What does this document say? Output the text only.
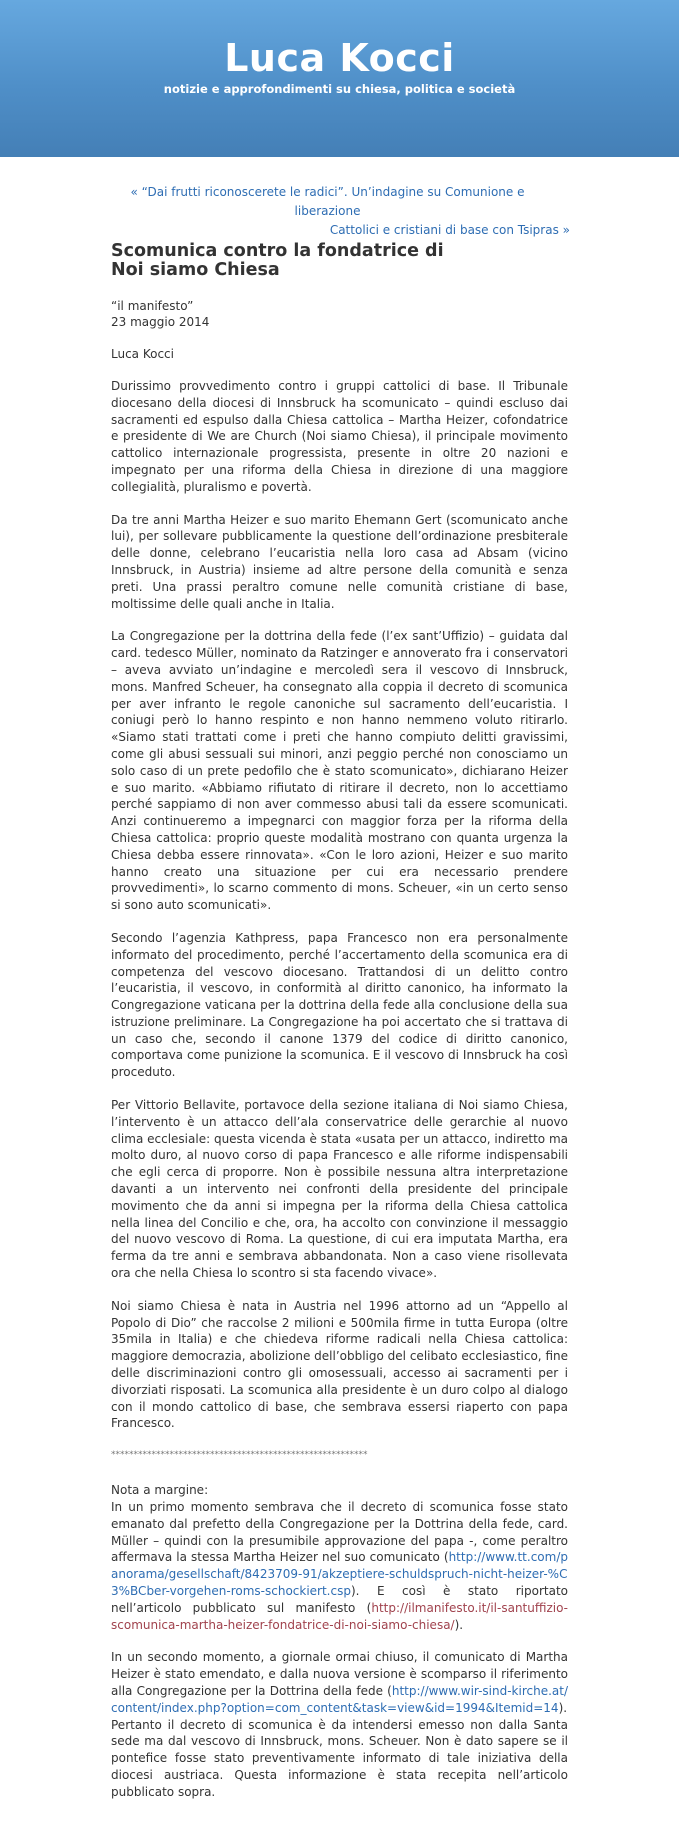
Luca Kocci
notizie e approfondimenti su chiesa, politica e società
« “Dai frutti riconoscerete le radici”. Un’indagine su Comunione e liberazione
Cattolici e cristiani di base con Tsipras »
Scomunica contro la fondatrice di Noi siamo Chiesa
“il manifesto”
23 maggio 2014
Luca Kocci

Durissimo provvedimento contro i gruppi cattolici di base. Il Tribunale diocesano della diocesi di Innsbruck ha scomunicato – quindi escluso dai sacramenti ed espulso dalla Chiesa cattolica – Martha Heizer, cofondatrice e presidente di We are Church (Noi siamo Chiesa), il principale movimento cattolico internazionale progressista, presente in oltre 20 nazioni e impegnato per una riforma della Chiesa in direzione di una maggiore collegialità, pluralismo e povertà.

Da tre anni Martha Heizer e suo marito Ehemann Gert (scomunicato anche lui), per sollevare pubblicamente la questione dell’ordinazione presbiterale delle donne, celebrano l’eucaristia nella loro casa ad Absam (vicino Innsbruck, in Austria) insieme ad altre persone della comunità e senza preti. Una prassi peraltro comune nelle comunità cristiane di base, moltissime delle quali anche in Italia.

La Congregazione per la dottrina della fede (l’ex sant’Uffizio) – guidata dal card. tedesco Müller, nominato da Ratzinger e annoverato fra i conservatori – aveva avviato un’indagine e mercoledì sera il vescovo di Innsbruck, mons. Manfred Scheuer, ha consegnato alla coppia il decreto di scomunica per aver infranto le regole canoniche sul sacramento dell’eucaristia. I coniugi però lo hanno respinto e non hanno nemmeno voluto ritirarlo. «Siamo stati trattati come i preti che hanno compiuto delitti gravissimi, come gli abusi sessuali sui minori, anzi peggio perché non conosciamo un solo caso di un prete pedofilo che è stato scomunicato», dichiarano Heizer e suo marito. «Abbiamo rifiutato di ritirare il decreto, non lo accettiamo perché sappiamo di non aver commesso abusi tali da essere scomunicati. Anzi continueremo a impegnarci con maggior forza per la riforma della Chiesa cattolica: proprio queste modalità mostrano con quanta urgenza la Chiesa debba essere rinnovata». «Con le loro azioni, Heizer e suo marito hanno creato una situazione per cui era necessario prendere provvedimenti», lo scarno commento di mons. Scheuer, «in un certo senso si sono auto scomunicati».

Secondo l’agenzia Kathpress, papa Francesco non era personalmente informato del procedimento, perché l’accertamento della scomunica era di competenza del vescovo diocesano. Trattandosi di un delitto contro l’eucaristia, il vescovo, in conformità al diritto canonico, ha informato la Congregazione vaticana per la dottrina della fede alla conclusione della sua istruzione preliminare. La Congregazione ha poi accertato che si trattava di un caso che, secondo il canone 1379 del codice di diritto canonico, comportava come punizione la scomunica. E il vescovo di Innsbruck ha così proceduto.

Per Vittorio Bellavite, portavoce della sezione italiana di Noi siamo Chiesa, l’intervento è un attacco dell’ala conservatrice delle gerarchie al nuovo clima ecclesiale: questa vicenda è stata «usata per un attacco, indiretto ma molto duro, al nuovo corso di papa Francesco e alle riforme indispensabili che egli cerca di proporre. Non è possibile nessuna altra interpretazione davanti a un intervento nei confronti della presidente del principale movimento che da anni si impegna per la riforma della Chiesa cattolica nella linea del Concilio e che, ora, ha accolto con convinzione il messaggio del nuovo vescovo di Roma. La questione, di cui era imputata Martha, era ferma da tre anni e sembrava abbandonata. Non a caso viene risollevata ora che nella Chiesa lo scontro si sta facendo vivace».

Noi siamo Chiesa è nata in Austria nel 1996 attorno ad un “Appello al Popolo di Dio” che raccolse 2 milioni e 500mila firme in tutta Europa (oltre 35mila in Italia) e che chiedeva riforme radicali nella Chiesa cattolica: maggiore democrazia, abolizione dell’obbligo del celibato ecclesiastico, fine delle discriminazioni contro gli omosessuali, accesso ai sacramenti per i divorziati risposati. La scomunica alla presidente è un duro colpo al dialogo con il mondo cattolico di base, che sembrava essersi riaperto con papa Francesco.

*********************************************************

Nota a margine:
In un primo momento sembrava che il decreto di scomunica fosse stato emanato dal prefetto della Congregazione per la Dottrina della fede, card. Müller – quindi con la presumibile approvazione del papa -, come peraltro affermava la stessa Martha Heizer nel suo comunicato (http://www.tt.com/panorama/gesellschaft/8423709-91/akzeptiere-schuldspruch-nicht-heizer-%C3%BCber-vorgehen-roms-schockiert.csp). E così è stato riportato nell’articolo pubblicato sul manifesto (http://ilmanifesto.it/il-santuffizio-scomunica-martha-heizer-fondatrice-di-noi-siamo-chiesa/).

In un secondo momento, a giornale ormai chiuso, il comunicato di Martha Heizer è stato emendato, e dalla nuova versione è scomparso il riferimento alla Congregazione per la Dottrina della fede (http://www.wir-sind-kirche.at/content/index.php?option=com_content&task=view&id=1994&Itemid=14). Pertanto il decreto di scomunica è da intendersi emesso non dalla Santa sede ma dal vescovo di Innsbruck, mons. Scheuer. Non è dato sapere se il pontefice fosse stato preventivamente informato di tale iniziativa della diocesi austriaca. Questa informazione è stata recepita nell’articolo pubblicato sopra.
